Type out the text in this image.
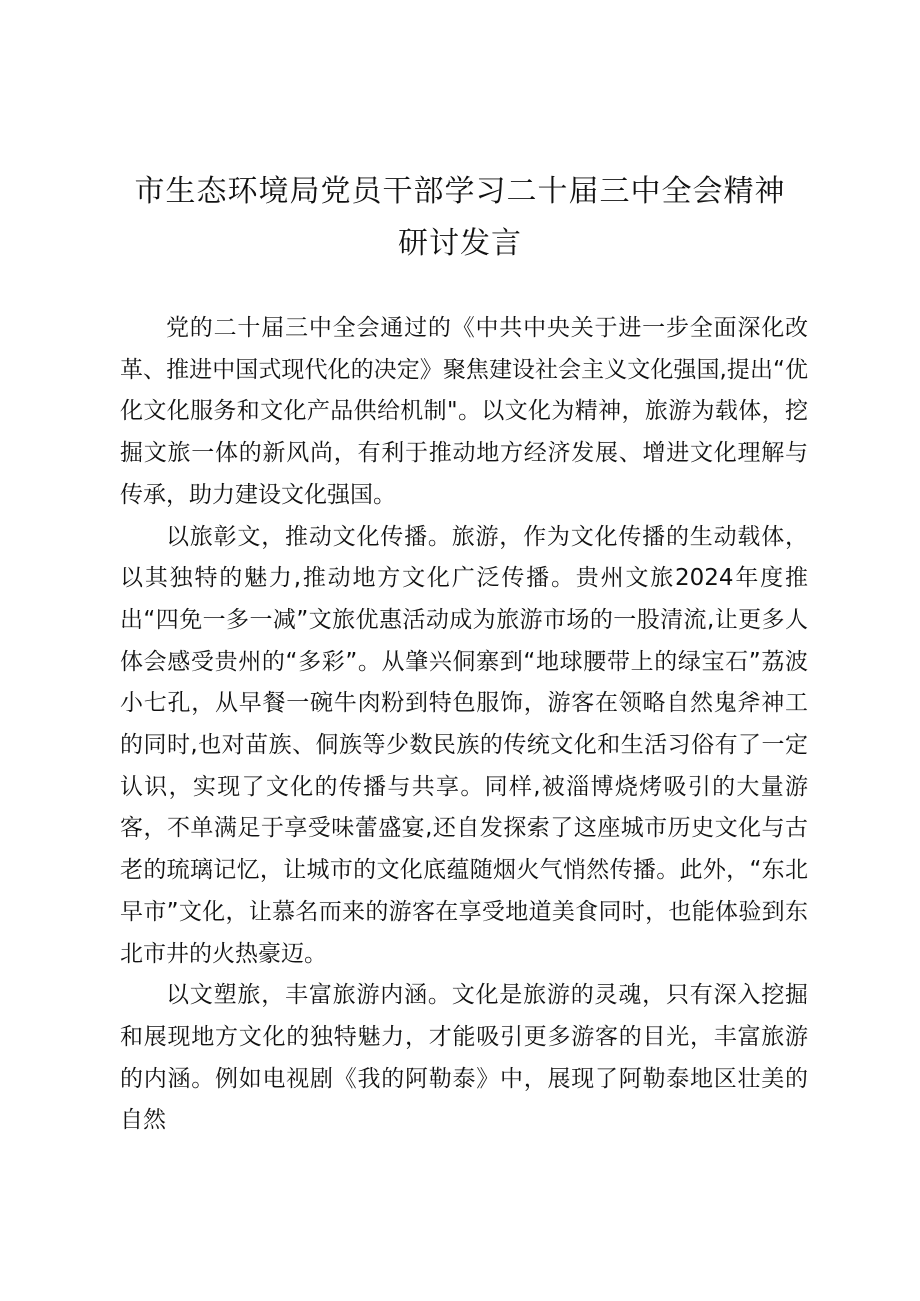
市生态环境局党员干部学习二十届三中全会精神研讨发言

党的二十届三中全会通过的《中共中央关于进一步全面深化改革、推进中国式现代化的决定》聚焦建设社会主义文化强国,提出“优化文化服务和文化产品供给机制"。以文化为精神，旅游为载体，挖掘文旅一体的新风尚，有利于推动地方经济发展、增进文化理解与传承，助力建设文化强国。

以旅彰文，推动文化传播。旅游，作为文化传播的生动载体，以其独特的魅力,推动地方文化广泛传播。贵州文旅2024年度推出“四免一多一减”文旅优惠活动成为旅游市场的一股清流,让更多人体会感受贵州的“多彩”。从肇兴侗寨到“地球腰带上的绿宝石”荔波小七孔，从早餐一碗牛肉粉到特色服饰，游客在领略自然鬼斧神工的同时,也对苗族、侗族等少数民族的传统文化和生活习俗有了一定认识，实现了文化的传播与共享。同样,被淄博烧烤吸引的大量游客，不单满足于享受味蕾盛宴,还自发探索了这座城市历史文化与古老的琉璃记忆，让城市的文化底蕴随烟火气悄然传播。此外，“东北早市”文化，让慕名而来的游客在享受地道美食同时，也能体验到东北市井的火热豪迈。

以文塑旅，丰富旅游内涵。文化是旅游的灵魂，只有深入挖掘和展现地方文化的独特魅力，才能吸引更多游客的目光，丰富旅游的内涵。例如电视剧《我的阿勒泰》中，展现了阿勒泰地区壮美的自然
